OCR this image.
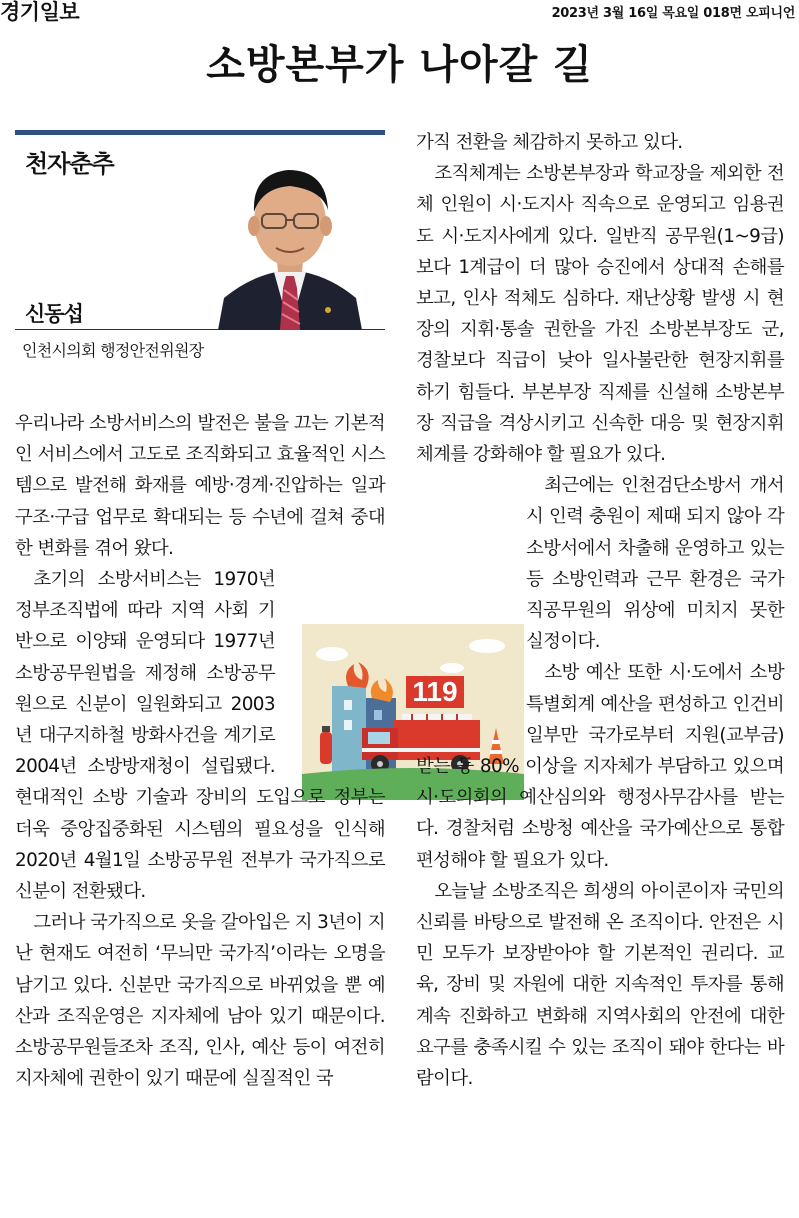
경기일보	2023년 3월 16일 목요일 018면 오피니언
소방본부가 나아갈 길
천자춘추
신동섭
인천시의회 행정안전위원장
119

우리나라 소방서비스의 발전은 불을 끄는 기본적인 서비스에서 고도로 조직화되고 효율적인 시스템으로 발전해 화재를 예방·경계·진압하는 일과 구조·구급 업무로 확대되는 등 수년에 걸쳐 중대한 변화를 겪어 왔다.

초기의 소방서비스는 1970년 정부조직법에 따라 지역 사회 기반으로 이양돼 운영되다 1977년 소방공무원법을 제정해 소방공무원으로 신분이 일원화되고 2003년 대구지하철 방화사건을 계기로 2004년 소방방재청이 설립됐다. 현대적인 소방 기술과 장비의 도입으로 정부는 더욱 중앙집중화된 시스템의 필요성을 인식해 2020년 4월1일 소방공무원 전부가 국가직으로 신분이 전환됐다.

그러나 국가직으로 옷을 갈아입은 지 3년이 지난 현재도 여전히 ‘무늬만 국가직’이라는 오명을 남기고 있다. 신분만 국가직으로 바뀌었을 뿐 예산과 조직운영은 지자체에 남아 있기 때문이다. 소방공무원들조차 조직, 인사, 예산 등이 여전히 지자체에 권한이 있기 때문에 실질적인 국

가직 전환을 체감하지 못하고 있다.

조직체계는 소방본부장과 학교장을 제외한 전체 인원이 시·도지사 직속으로 운영되고 임용권도 시·도지사에게 있다. 일반직 공무원(1~9급)보다 1계급이 더 많아 승진에서 상대적 손해를 보고, 인사 적체도 심하다. 재난상황 발생 시 현장의 지휘·통솔 권한을 가진 소방본부장도 군, 경찰보다 직급이 낮아 일사불란한 현장지휘를 하기 힘들다. 부본부장 직제를 신설해 소방본부장 직급을 격상시키고 신속한 대응 및 현장지휘체계를 강화해야 할 필요가 있다.

최근에는 인천검단소방서 개서 시 인력 충원이 제때 되지 않아 각 소방서에서 차출해 운영하고 있는 등 소방인력과 근무 환경은 국가직공무원의 위상에 미치지 못한 실정이다.

소방 예산 또한 시·도에서 소방특별회계 예산을 편성하고 인건비 일부만 국가로부터 지원(교부금) 받는 등 80% 이상을 지자체가 부담하고 있으며 시·도의회의 예산심의와 행정사무감사를 받는다. 경찰처럼 소방청 예산을 국가예산으로 통합 편성해야 할 필요가 있다.

오늘날 소방조직은 희생의 아이콘이자 국민의 신뢰를 바탕으로 발전해 온 조직이다. 안전은 시민 모두가 보장받아야 할 기본적인 권리다. 교육, 장비 및 자원에 대한 지속적인 투자를 통해 계속 진화하고 변화해 지역사회의 안전에 대한 요구를 충족시킬 수 있는 조직이 돼야 한다는 바람이다.
